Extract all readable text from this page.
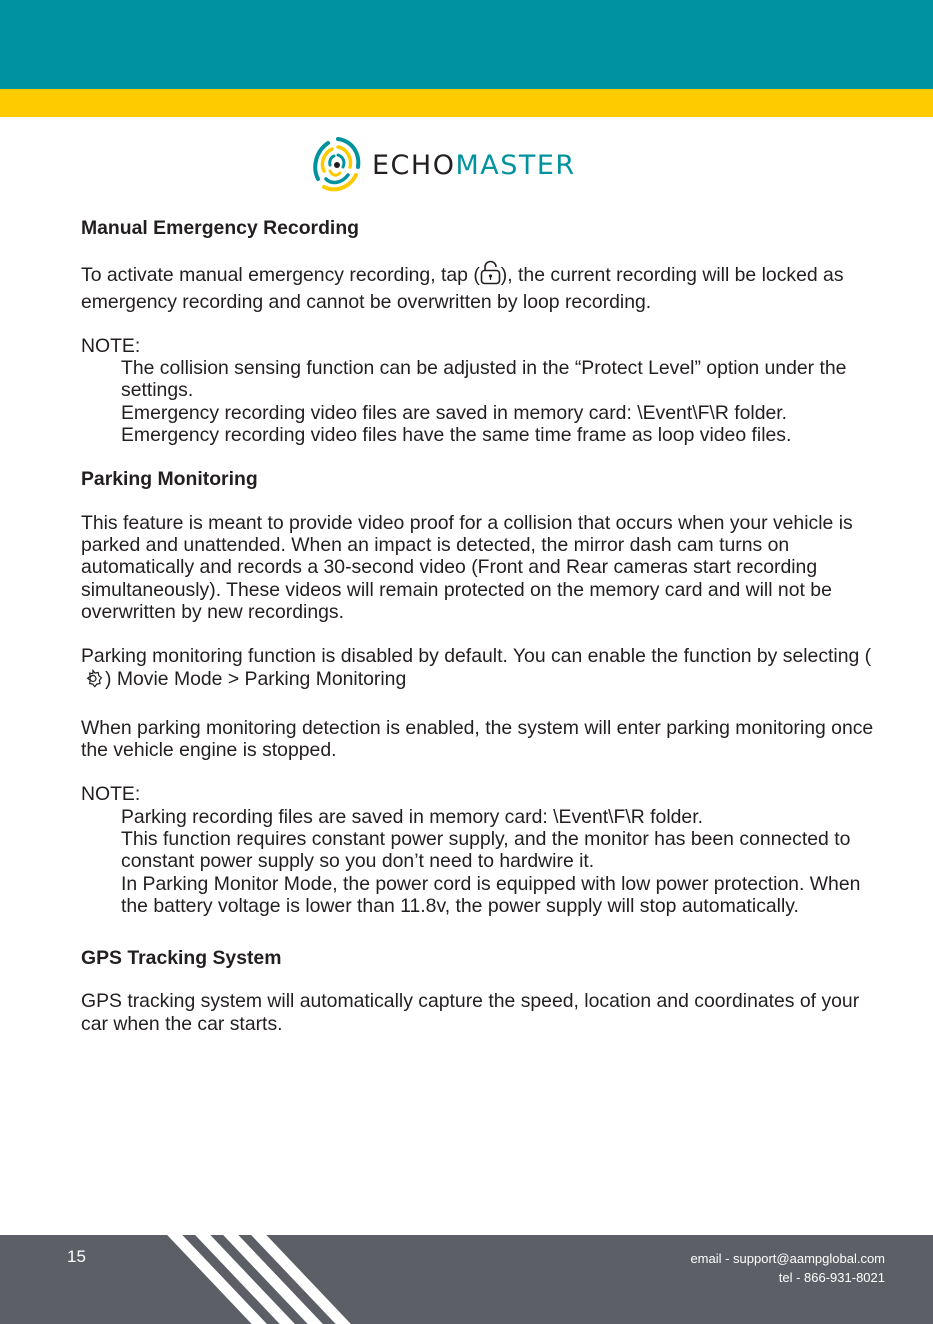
ECHOMASTER
Manual Emergency Recording

To activate manual emergency recording, tap ( ), the current recording will be locked as emergency recording and cannot be overwritten by loop recording.

NOTE:

The collision sensing function can be adjusted in the “Protect Level” option under the settings.
Emergency recording video files are saved in memory card: \Event\F\R folder.
Emergency recording video files have the same time frame as loop video files.
Parking Monitoring

This feature is meant to provide video proof for a collision that occurs when your vehicle is parked and unattended. When an impact is detected, the mirror dash cam turns on automatically and records a 30-second video (Front and Rear cameras start recording simultaneously). These videos will remain protected on the memory card and will not be overwritten by new recordings.

Parking monitoring function is disabled by default. You can enable the function by selecting () Movie Mode > Parking Monitoring

When parking monitoring detection is enabled, the system will enter parking monitoring once the vehicle engine is stopped.

NOTE:

Parking recording files are saved in memory card: \Event\F\R folder.
This function requires constant power supply, and the monitor has been connected to constant power supply so you don’t need to hardwire it.
In Parking Monitor Mode, the power cord is equipped with low power protection. When the battery voltage is lower than 11.8v, the power supply will stop automatically.
GPS Tracking System

GPS tracking system will automatically capture the speed, location and coordinates of your car when the car starts.

15	email - support@aampglobal.com
tel - 866-931-8021
